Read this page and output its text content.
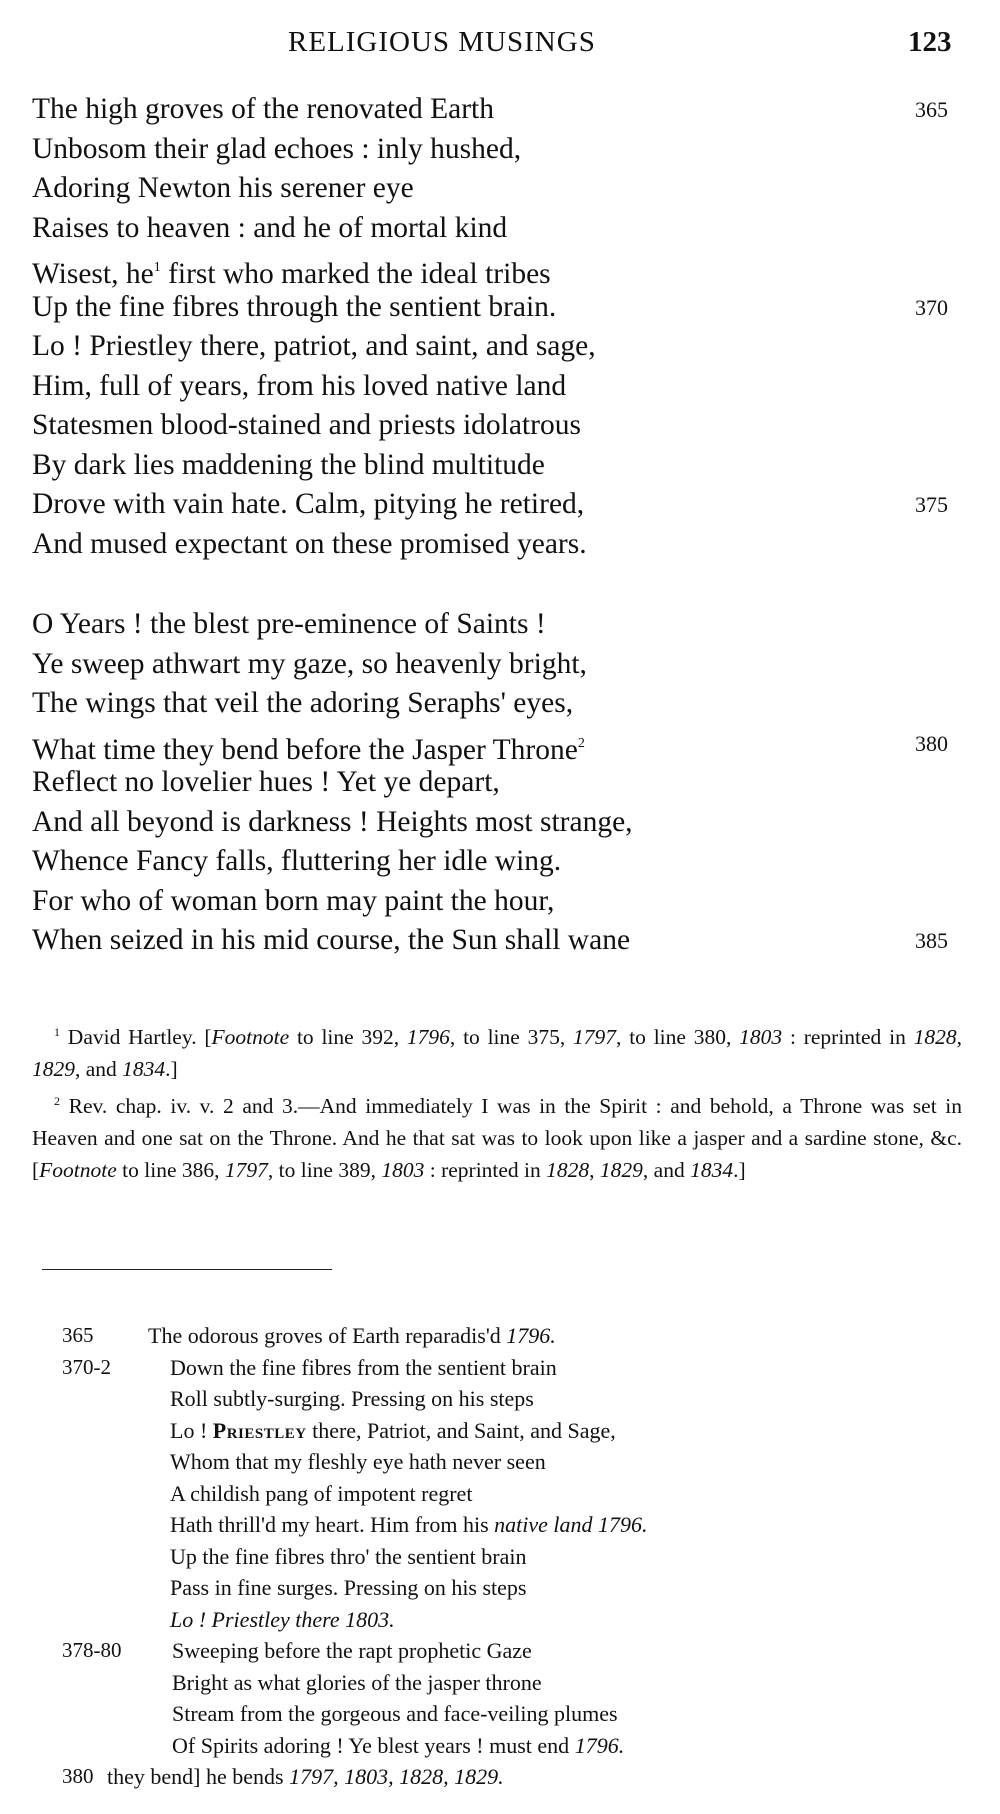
RELIGIOUS MUSINGS	123
The high groves of the renovated Earth	365
Unbosom their glad echoes : inly hushed,
Adoring Newton his serener eye
Raises to heaven : and he of mortal kind
Wisest, $he^1$ first who marked the ideal tribes
Up the fine fibres through the sentient brain.	370
Lo ! Priestley there, patriot, and saint, and sage,
Him, full of years, from his loved native land
Statesmen blood-stained and priests idolatrous
By dark lies maddening the blind multitude
Drove with vain hate. Calm, pitying he retired,	375
And mused expectant on these promised years.
O Years ! the blest pre-eminence of Saints !
Ye sweep athwart my gaze, so heavenly bright,
The wings that veil the adoring Seraphs' eyes,
What time they bend before the Jasper Throne$^2$	380
Reflect no lovelier hues ! Yet ye depart,
And all beyond is darkness ! Heights most strange,
Whence Fancy falls, fluttering her idle wing.
For who of woman born may paint the hour,
When seized in his mid course, the Sun shall wane	385
$^1$ David Hartley. [Footnote to line 392, 1796, to line 375, 1797, to line 380, 1803 : reprinted in 1828, 1829, and 1834.]
$^2$ Rev. chap. iv. v. 2 and 3.—And immediately I was in the Spirit : and behold, a Throne was set in Heaven and one sat on the Throne. And he that sat was to look upon like a jasper and a sardine stone, &c. [Footnote to line 386, 1797, to line 389, 1803 : reprinted in 1828, 1829, and 1834.]
365 The odorous groves of Earth reparadis'd 1796.
370-2	Down the fine fibres from the sentient brain
Roll subtly-surging. Pressing on his steps
Lo ! Priestley there, Patriot, and Saint, and Sage,
Whom that my fleshly eye hath never seen
A childish pang of impotent regret
Hath thrill'd my heart. Him from his native land 1796.
Up the fine fibres thro' the sentient brain
Pass in fine surges. Pressing on his steps
Lo ! Priestley there 1803.
378-80 Sweeping before the rapt prophetic Gaze
Bright as what glories of the jasper throne
Stream from the gorgeous and face-veiling plumes
Of Spirits adoring ! Ye blest years ! must end 1796.
380 they bend] he bends 1797, 1803, 1828, 1829.
